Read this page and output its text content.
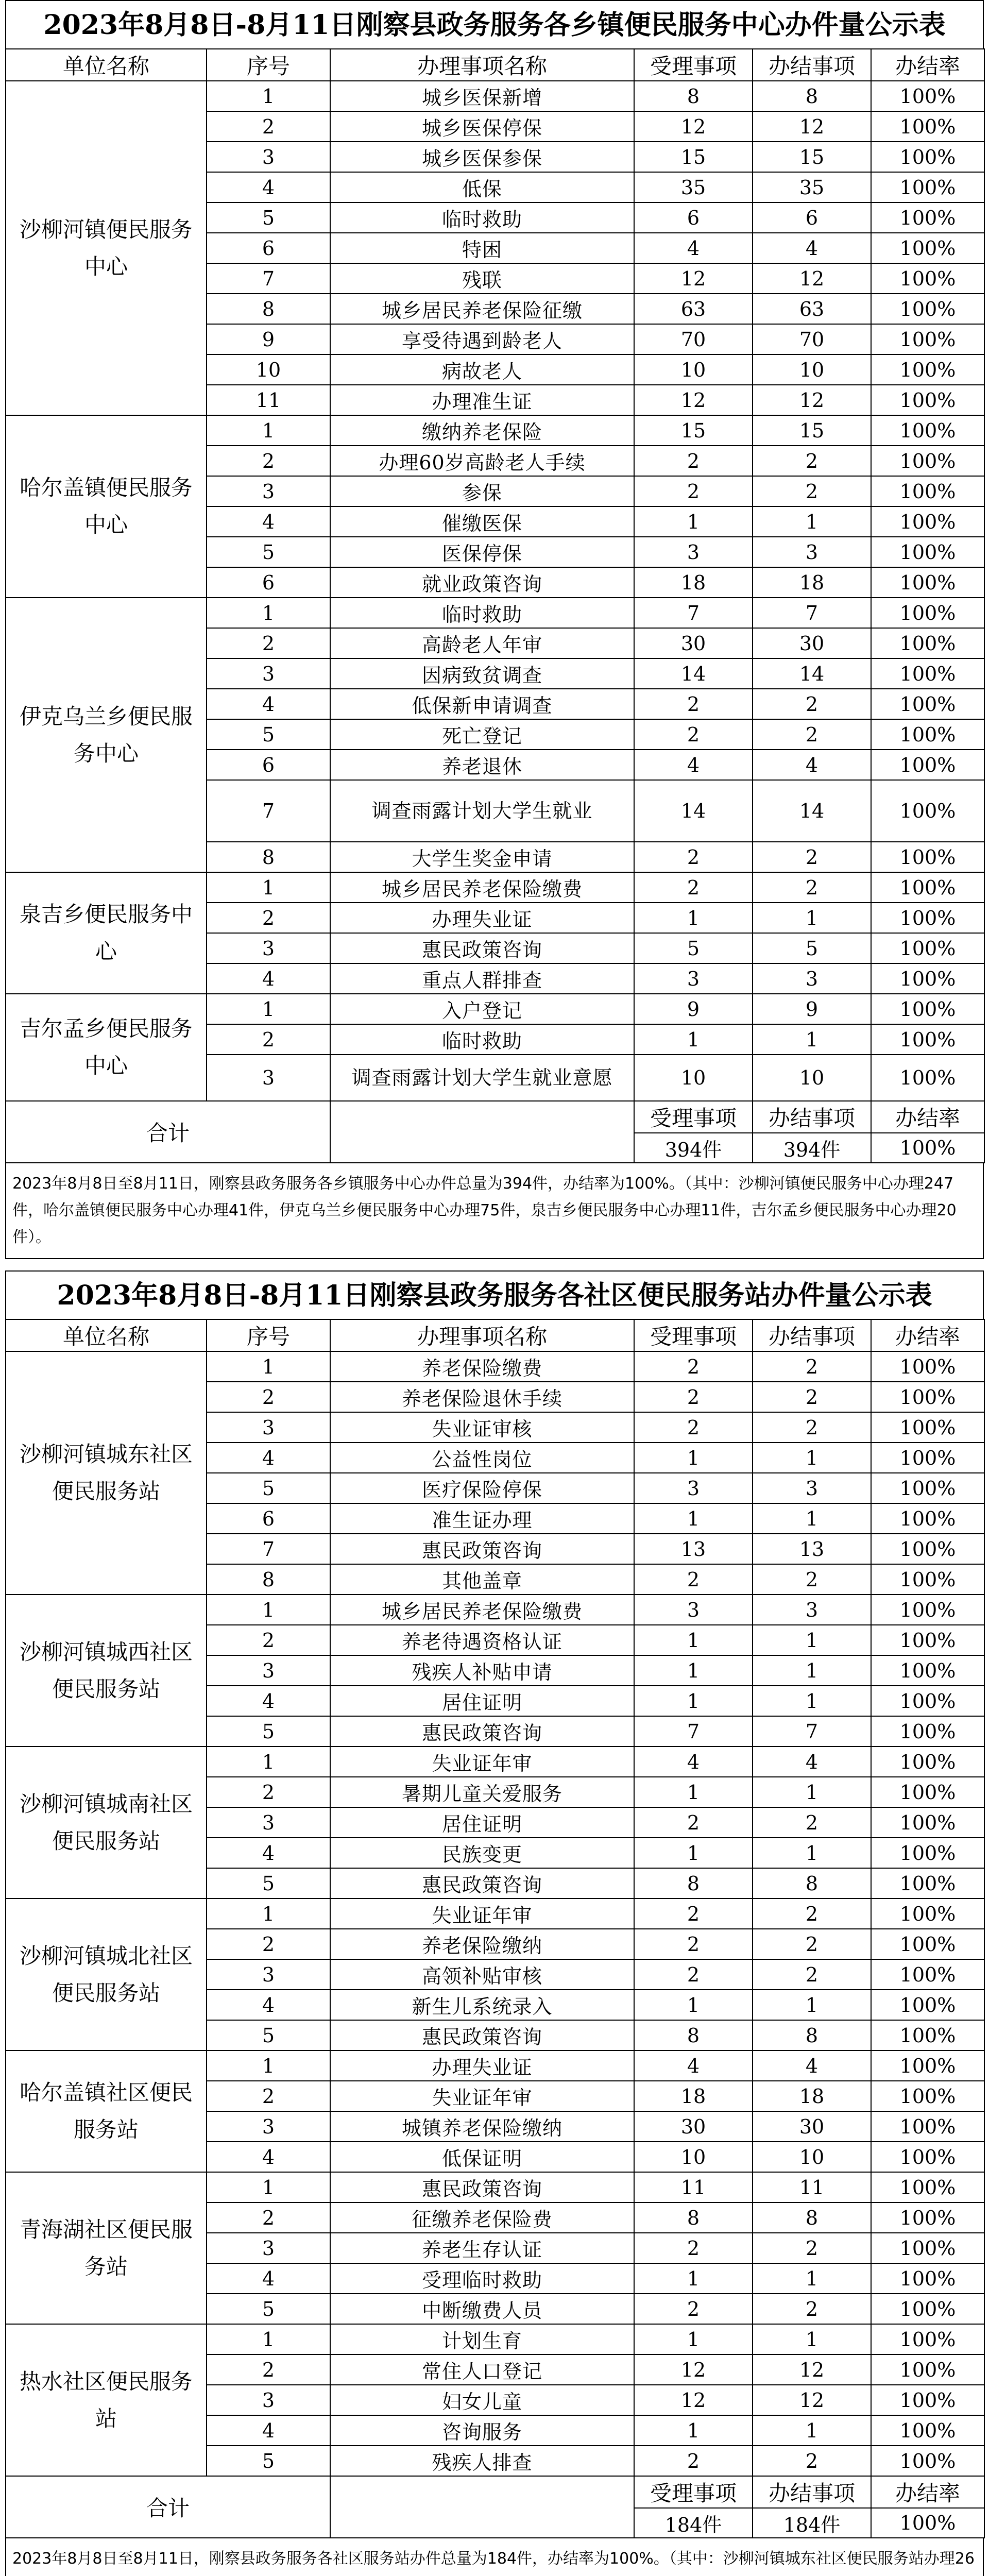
2023年8月8日-8月11日刚察县政务服务各乡镇便民服务中心办件量公示表
单位名称	序号	办理事项名称	受理事项	办结事项	办结率
沙柳河镇便民服务中心	1	城乡医保新增	8	8	100%
	2	城乡医保停保	12	12	100%
	3	城乡医保参保	15	15	100%
	4	低保	35	35	100%
	5	临时救助	6	6	100%
	6	特困	4	4	100%
	7	残联	12	12	100%
	8	城乡居民养老保险征缴	63	63	100%
	9	享受待遇到龄老人	70	70	100%
	10	病故老人	10	10	100%
	11	办理准生证	12	12	100%
哈尔盖镇便民服务中心	1	缴纳养老保险	15	15	100%
	2	办理60岁高龄老人手续	2	2	100%
	3	参保	2	2	100%
	4	催缴医保	1	1	100%
	5	医保停保	3	3	100%
	6	就业政策咨询	18	18	100%
伊克乌兰乡便民服务中心	1	临时救助	7	7	100%
	2	高龄老人年审	30	30	100%
	3	因病致贫调查	14	14	100%
	4	低保新申请调查	2	2	100%
	5	死亡登记	2	2	100%
	6	养老退休	4	4	100%
	7	调查雨露计划大学生就业	14	14	100%
	8	大学生奖金申请	2	2	100%
泉吉乡便民服务中心	1	城乡居民养老保险缴费	2	2	100%
	2	办理失业证	1	1	100%
	3	惠民政策咨询	5	5	100%
	4	重点人群排查	3	3	100%
吉尔孟乡便民服务中心	1	入户登记	9	9	100%
	2	临时救助	1	1	100%
	3	调查雨露计划大学生就业意愿	10	10	100%
合计			受理事项	办结事项	办结率
			394件	394件	100%
2023年8月8日至8月11日，刚察县政务服务各乡镇服务中心办件总量为394件，办结率为100%。（其中：沙柳河镇便民服务中心办理247件，哈尔盖镇便民服务中心办理41件，伊克乌兰乡便民服务中心办理75件，泉吉乡便民服务中心办理11件，吉尔孟乡便民服务中心办理20件）。
2023年8月8日-8月11日刚察县政务服务各社区便民服务站办件量公示表
单位名称	序号	办理事项名称	受理事项	办结事项	办结率
沙柳河镇城东社区便民服务站	1	养老保险缴费	2	2	100%
	2	养老保险退休手续	2	2	100%
	3	失业证审核	2	2	100%
	4	公益性岗位	1	1	100%
	5	医疗保险停保	3	3	100%
	6	准生证办理	1	1	100%
	7	惠民政策咨询	13	13	100%
	8	其他盖章	2	2	100%
沙柳河镇城西社区便民服务站	1	城乡居民养老保险缴费	3	3	100%
	2	养老待遇资格认证	1	1	100%
	3	残疾人补贴申请	1	1	100%
	4	居住证明	1	1	100%
	5	惠民政策咨询	7	7	100%
沙柳河镇城南社区便民服务站	1	失业证年审	4	4	100%
	2	暑期儿童关爱服务	1	1	100%
	3	居住证明	2	2	100%
	4	民族变更	1	1	100%
	5	惠民政策咨询	8	8	100%
沙柳河镇城北社区便民服务站	1	失业证年审	2	2	100%
	2	养老保险缴纳	2	2	100%
	3	高领补贴审核	2	2	100%
	4	新生儿系统录入	1	1	100%
	5	惠民政策咨询	8	8	100%
哈尔盖镇社区便民服务站	1	办理失业证	4	4	100%
	2	失业证年审	18	18	100%
	3	城镇养老保险缴纳	30	30	100%
	4	低保证明	10	10	100%
青海湖社区便民服务站	1	惠民政策咨询	11	11	100%
	2	征缴养老保险费	8	8	100%
	3	养老生存认证	2	2	100%
	4	受理临时救助	1	1	100%
	5	中断缴费人员	2	2	100%
热水社区便民服务站	1	计划生育	1	1	100%
	2	常住人口登记	12	12	100%
	3	妇女儿童	12	12	100%
	4	咨询服务	1	1	100%
	5	残疾人排查	2	2	100%
合计			受理事项	办结事项	办结率
			184件	184件	100%
2023年8月8日至8月11日，刚察县政务服务各社区服务站办件总量为184件，办结率为100%。（其中：沙柳河镇城东社区便民服务站办理26
